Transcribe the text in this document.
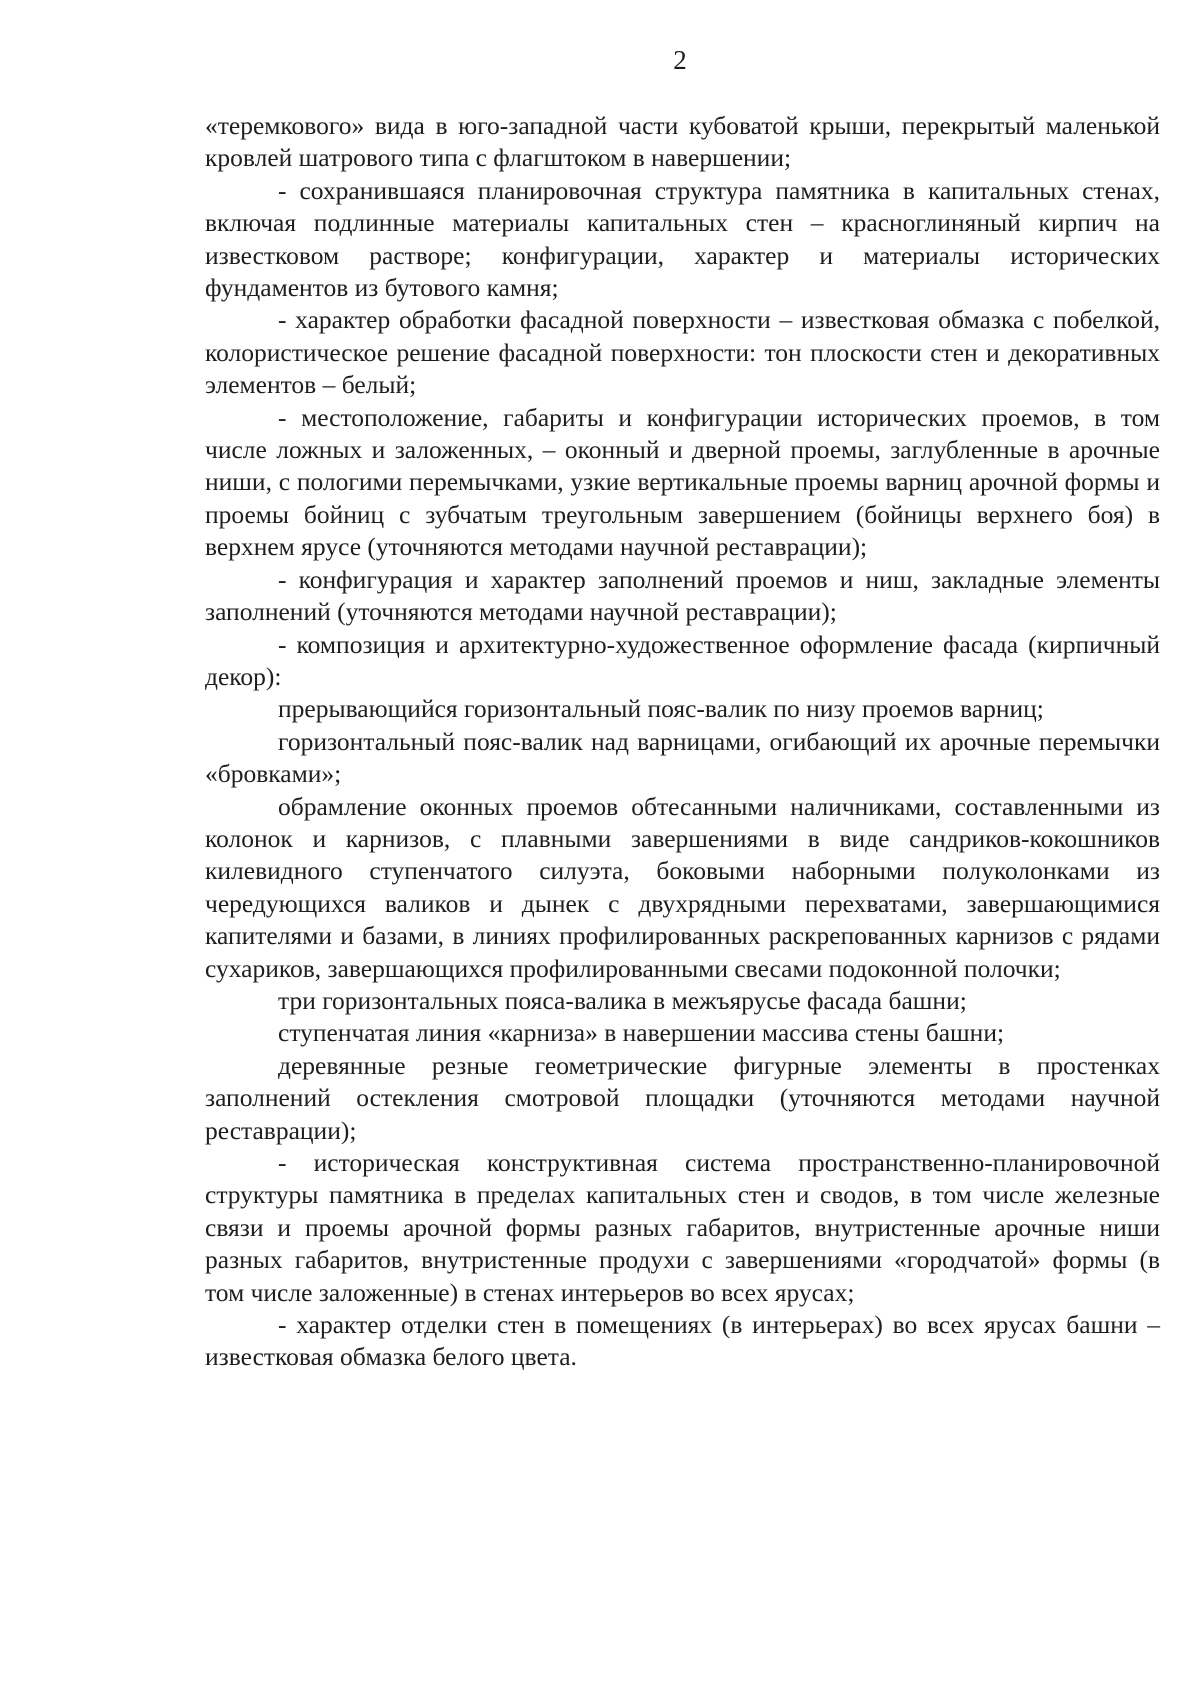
2

«теремкового» вида в юго-западной части кубоватой крыши, перекрытый маленькой кровлей шатрового типа с флагштоком в навершении;

- сохранившаяся планировочная структура памятника в капитальных стенах, включая подлинные материалы капитальных стен – красноглиняный кирпич на известковом растворе; конфигурации, характер и материалы исторических фундаментов из бутового камня;

- характер обработки фасадной поверхности – известковая обмазка с побелкой, колористическое решение фасадной поверхности: тон плоскости стен и декоративных элементов – белый;

- местоположение, габариты и конфигурации исторических проемов, в том числе ложных и заложенных, – оконный и дверной проемы, заглубленные в арочные ниши, с пологими перемычками, узкие вертикальные проемы варниц арочной формы и проемы бойниц с зубчатым треугольным завершением (бойницы верхнего боя) в верхнем ярусе (уточняются методами научной реставрации);

- конфигурация и характер заполнений проемов и ниш, закладные элементы заполнений (уточняются методами научной реставрации);

- композиция и архитектурно-художественное оформление фасада (кирпичный декор):

прерывающийся горизонтальный пояс-валик по низу проемов варниц;

горизонтальный пояс-валик над варницами, огибающий их арочные перемычки «бровками»;

обрамление оконных проемов обтесанными наличниками, составленными из колонок и карнизов, с плавными завершениями в виде сандриков-кокошников килевидного ступенчатого силуэта, боковыми наборными полуколонками из чередующихся валиков и дынек с двухрядными перехватами, завершающимися капителями и базами, в линиях профилированных раскрепованных карнизов с рядами сухариков, завершающихся профилированными свесами подоконной полочки;

три горизонтальных пояса-валика в межъярусье фасада башни;

ступенчатая линия «карниза» в навершении массива стены башни;

деревянные резные геометрические фигурные элементы в простенках заполнений остекления смотровой площадки (уточняются методами научной реставрации);

- историческая конструктивная система пространственно-планировочной структуры памятника в пределах капитальных стен и сводов, в том числе железные связи и проемы арочной формы разных габаритов, внутристенные арочные ниши разных габаритов, внутристенные продухи с завершениями «городчатой» формы (в том числе заложенные) в стенах интерьеров во всех ярусах;

- характер отделки стен в помещениях (в интерьерах) во всех ярусах башни – известковая обмазка белого цвета.
